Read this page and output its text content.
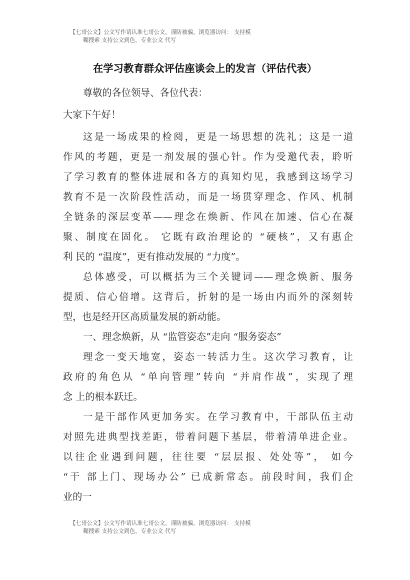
【七哥公文】公文写作请认准七哥公文，谨防被骗，浏览器访问： 支持模
糊搜索 支持公文到色，专业公文 代写
在学习教育群众评估座谈会上的发言（评估代表）
尊敬的各位领导、各位代表：
大家下午好！
这是一场成果的检阅，更是一场思想的洗礼；这是一道
作风的考题，更是一剂发展的强心针。作为受邀代表，聆听
了学习教育的整体进展和各方的真知灼见，我感到这场学习
教育不是一次阶段性活动，而是一场贯穿理念、作风、机制
全链条的深层变革——理念在焕新、作风在加速、信心在凝
聚、制度在固化。 它既有政治理论的 “硬核”，又有惠企
利 民的 “温度”，更有推动发展的 “力度”。
总体感受，可以概括为三个关键词——理念焕新、服务
提质、信心倍增。这背后，折射的是一场由内而外的深刻转
型，也是经开区高质量发展的新动能。
一、理念焕新，从 “监管姿态”走向 “服务姿态”
理念一变天地宽，姿态一转活力生。这次学习教育，让
政府的角色从 “单向管理”转向 “并肩作战”，实现了理
念 上的根本跃迁。
一是干部作风更加务实。在学习教育中，干部队伍主动
对照先进典型找差距，带着问题下基层，带着清单进企业。
以往企业遇到问题，往往要 “层层报、处处等”， 如今
“干 部上门、现场办公” 已成新常态。前段时间，我们企
业的一
【七哥公文】公文写作请认准七哥公文，谨防被骗，浏览器访问： 支持模
糊搜索 支持公文到色，专业公文 代写
